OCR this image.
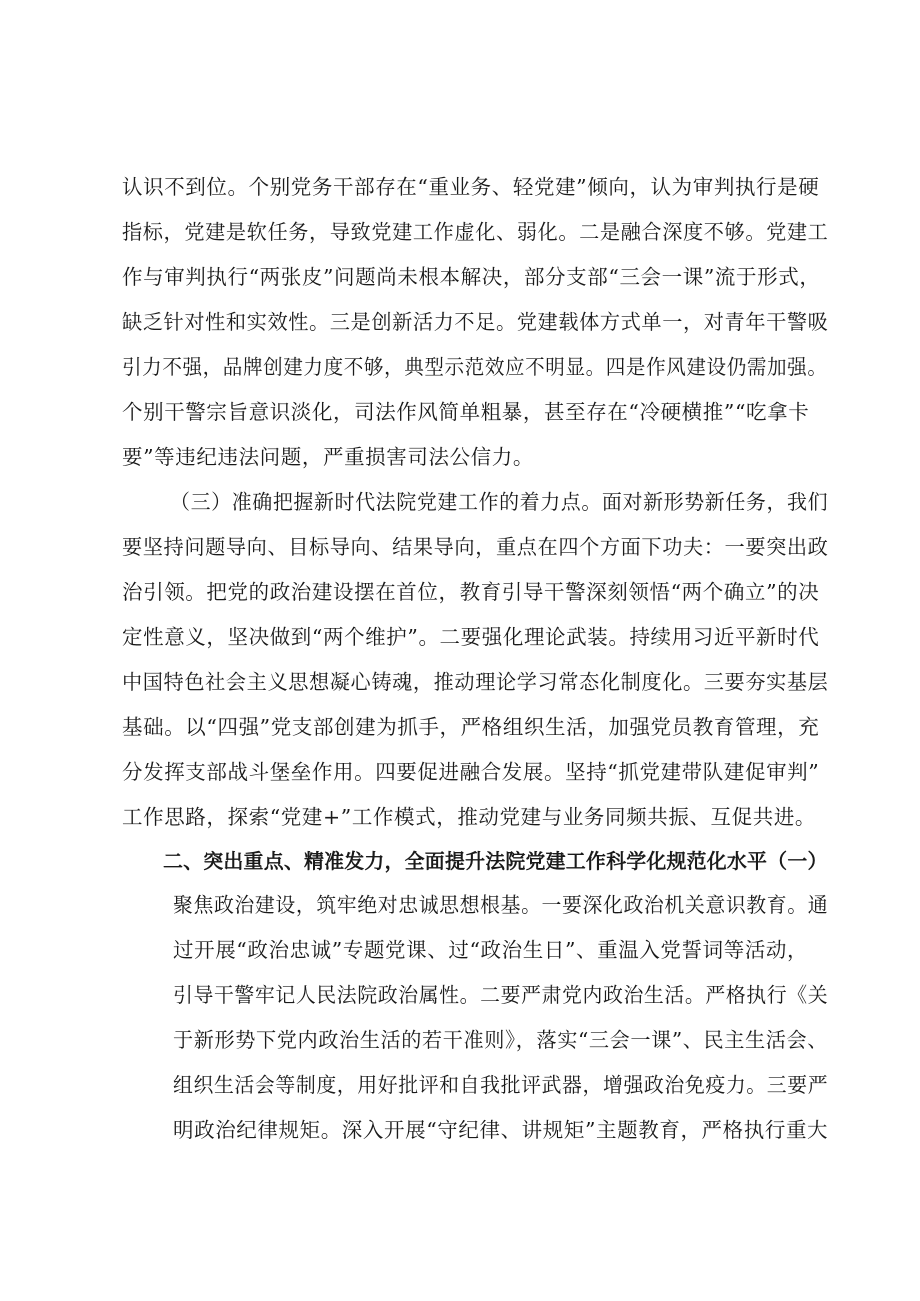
认识不到位。个别党务干部存在“重业务、轻党建”倾向，认为审判执行是硬
指标，党建是软任务，导致党建工作虚化、弱化。二是融合深度不够。党建工
作与审判执行“两张皮”问题尚未根本解决，部分支部“三会一课”流于形式，
缺乏针对性和实效性。三是创新活力不足。党建载体方式单一，对青年干警吸
引力不强，品牌创建力度不够，典型示范效应不明显。四是作风建设仍需加强。
个别干警宗旨意识淡化，司法作风简单粗暴，甚至存在“冷硬横推”“吃拿卡
要”等违纪违法问题，严重损害司法公信力。
（三）准确把握新时代法院党建工作的着力点。面对新形势新任务，我们
要坚持问题导向、目标导向、结果导向，重点在四个方面下功夫：一要突出政
治引领。把党的政治建设摆在首位，教育引导干警深刻领悟“两个确立”的决
定性意义，坚决做到“两个维护”。二要强化理论武装。持续用习近平新时代
中国特色社会主义思想凝心铸魂，推动理论学习常态化制度化。三要夯实基层
基础。以“四强”党支部创建为抓手，严格组织生活，加强党员教育管理，充
分发挥支部战斗堡垒作用。四要促进融合发展。坚持“抓党建带队建促审判”
工作思路，探索“党建+”工作模式，推动党建与业务同频共振、互促共进。
二、突出重点、精准发力，全面提升法院党建工作科学化规范化水平（一）
聚焦政治建设，筑牢绝对忠诚思想根基。一要深化政治机关意识教育。通
过开展“政治忠诚”专题党课、过“政治生日”、重温入党誓词等活动，
引导干警牢记人民法院政治属性。二要严肃党内政治生活。严格执行《关
于新形势下党内政治生活的若干准则》，落实“三会一课”、民主生活会、
组织生活会等制度，用好批评和自我批评武器，增强政治免疫力。三要严
明政治纪律规矩。深入开展“守纪律、讲规矩”主题教育，严格执行重大
